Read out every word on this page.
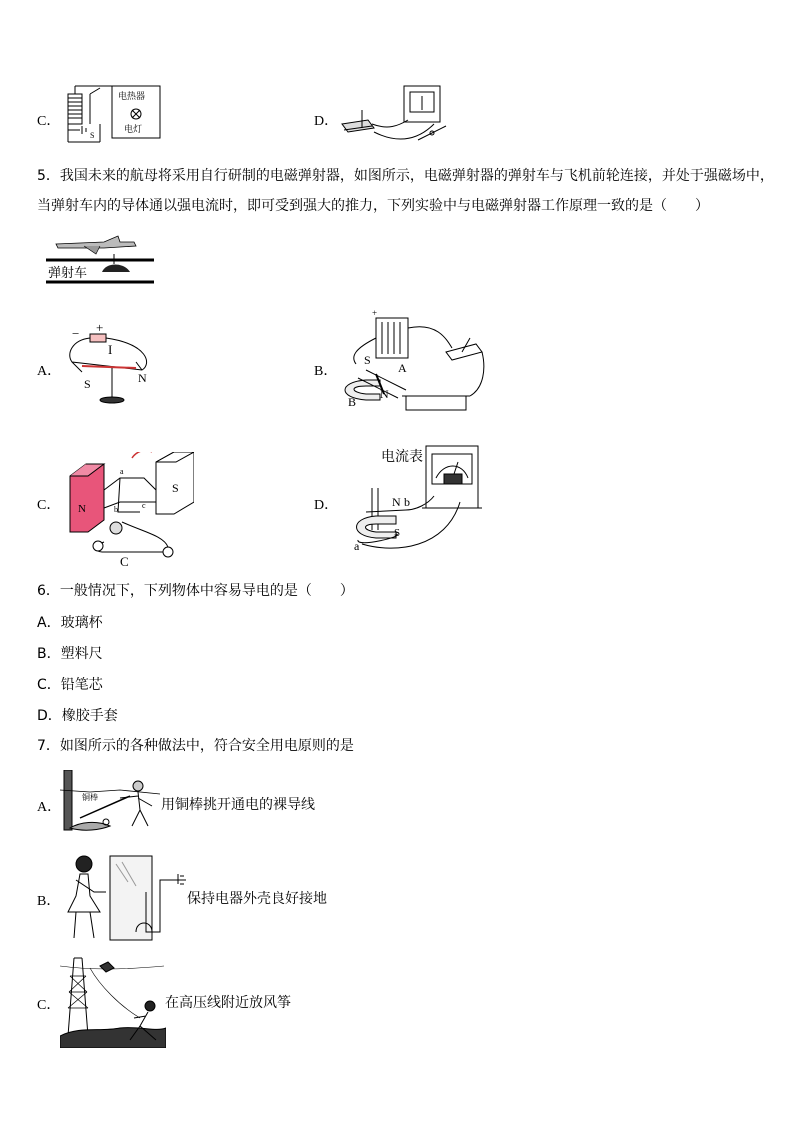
C．
电热器
电灯
S
D．
5．我国未来的航母将采用自行研制的电磁弹射器，如图所示，电磁弹射器的弹射车与飞机前轮连接，并处于强磁场中，
当弹射车内的导体通以强电流时，即可受到强大的推力，下列实验中与电磁弹射器工作原理一致的是（　　）
弹射车
A．
− +
I
S	N	B．
+
S
A
B
N
C． N
S
a
b	c
C
D．
电流表
N b
S
a
6．一般情况下，下列物体中容易导电的是（　　）
A．玻璃杯
B．塑料尺
C．铅笔芯
D．橡胶手套
7．如图所示的各种做法中，符合安全用电原则的是
A．
铜棒	用铜棒挑开通电的裸导线
B．	保持电器外壳良好接地
C．	在高压线附近放风筝
